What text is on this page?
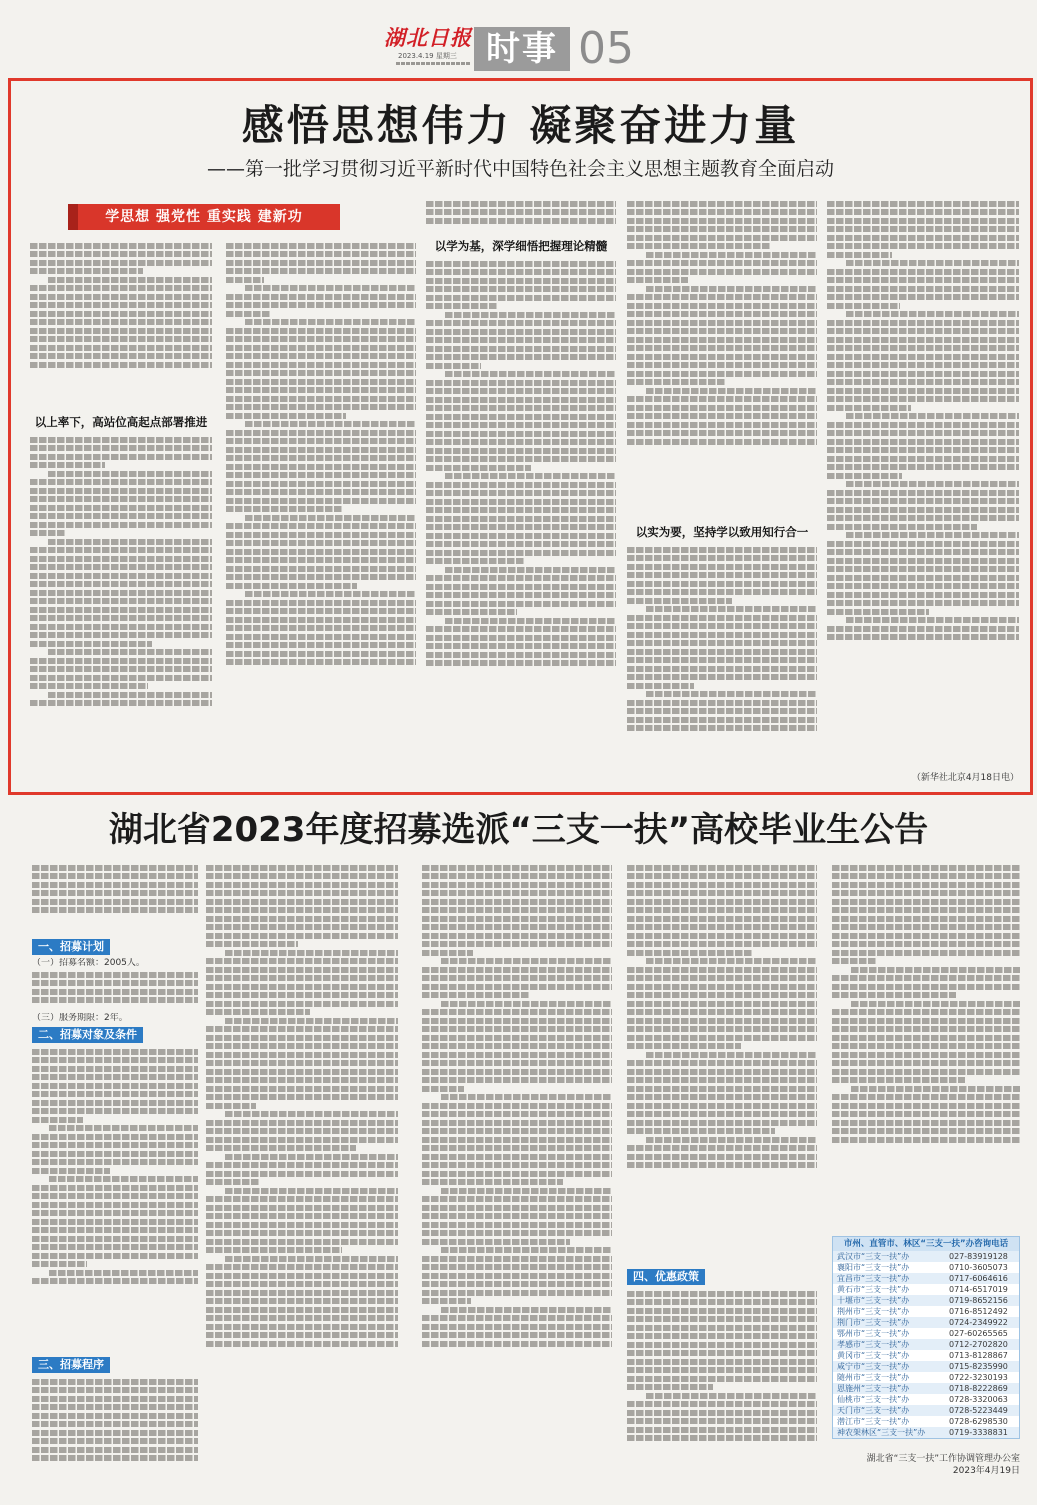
湖北日报
2023.4.19 星期三 时事 05
感悟思想伟力 凝聚奋进力量
——第一批学习贯彻习近平新时代中国特色社会主义思想主题教育全面启动
学思想 强党性 重实践 建新功
以上率下，高站位高起点部署推进
以学为基，深学细悟把握理论精髓
以实为要，坚持学以致用知行合一
（新华社北京4月18日电）
湖北省2023年度招募选派“三支一扶”高校毕业生公告
一、招募计划
（一）招募名额：2005人。
（三）服务期限：2年。
二、招募对象及条件
三、招募程序
四、优惠政策
市州、直管市、林区“三支一扶”办咨询电话
武汉市“三支一扶”办	027-83919128
襄阳市“三支一扶”办	0710-3605073
宜昌市“三支一扶”办	0717-6064616
黄石市“三支一扶”办	0714-6517019
十堰市“三支一扶”办	0719-8652156
荆州市“三支一扶”办	0716-8512492
荆门市“三支一扶”办	0724-2349922
鄂州市“三支一扶”办	027-60265565
孝感市“三支一扶”办	0712-2702820
黄冈市“三支一扶”办	0713-8128867
咸宁市“三支一扶”办	0715-8235990
随州市“三支一扶”办	0722-3230193
恩施州“三支一扶”办	0718-8222869
仙桃市“三支一扶”办	0728-3320063
天门市“三支一扶”办	0728-5223449
潜江市“三支一扶”办	0728-6298530
神农架林区“三支一扶”办	0719-3338831
湖北省“三支一扶”工作协调管理办公室
2023年4月19日
